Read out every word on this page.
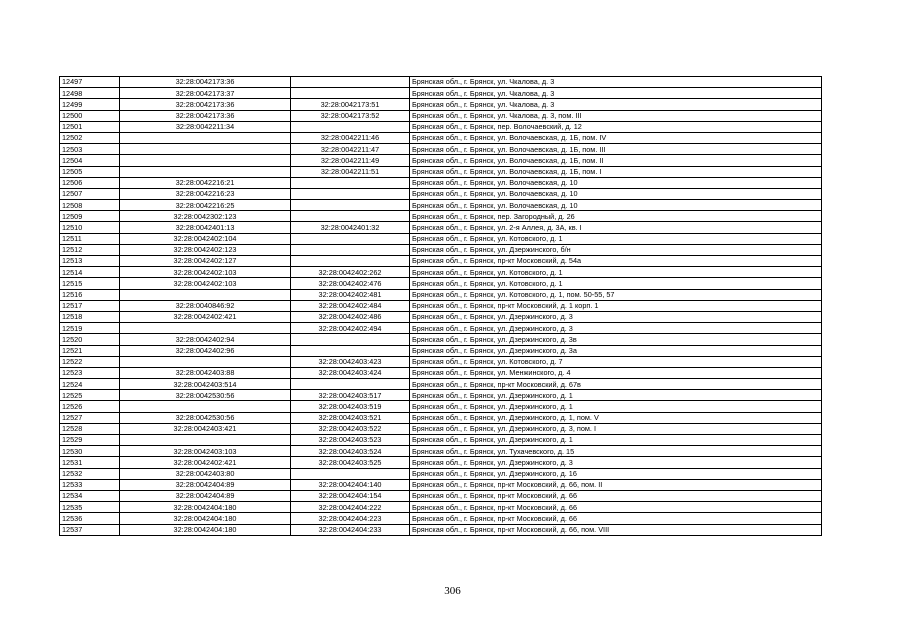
12497	32:28:0042173:36		Брянская обл., г. Брянск, ул. Чкалова, д. 3
12498	32:28:0042173:37		Брянская обл., г. Брянск, ул. Чкалова, д. 3
12499	32:28:0042173:36	32:28:0042173:51	Брянская обл., г. Брянск, ул. Чкалова, д. 3
12500	32:28:0042173:36	32:28:0042173:52	Брянская обл., г. Брянск, ул. Чкалова, д. 3, пом. III
12501	32:28:0042211:34		Брянская обл., г. Брянск, пер. Волочаевский, д. 12
12502		32:28:0042211:46	Брянская обл., г. Брянск, ул. Волочаевская, д. 1Б, пом. IV
12503		32:28:0042211:47	Брянская обл., г. Брянск, ул. Волочаевская, д. 1Б, пом. III
12504		32:28:0042211:49	Брянская обл., г. Брянск, ул. Волочаевская, д. 1Б, пом. II
12505		32:28:0042211:51	Брянская обл., г. Брянск, ул. Волочаевская, д. 1Б, пом. I
12506	32:28:0042216:21		Брянская обл., г. Брянск, ул. Волочаевская, д. 10
12507	32:28:0042216:23		Брянская обл., г. Брянск, ул. Волочаевская, д. 10
12508	32:28:0042216:25		Брянская обл., г. Брянск, ул. Волочаевская, д. 10
12509	32:28:0042302:123		Брянская обл., г. Брянск, пер. Загородный, д. 26
12510	32:28:0042401:13	32:28:0042401:32	Брянская обл., г. Брянск, ул. 2-я Аллея, д. 3А, кв. I
12511	32:28:0042402:104		Брянская обл., г. Брянск, ул. Котовского, д. 1
12512	32:28:0042402:123		Брянская обл., г. Брянск, ул. Дзержинского, б/н
12513	32:28:0042402:127		Брянская обл., г. Брянск, пр-кт Московский, д. 54а
12514	32:28:0042402:103	32:28:0042402:262	Брянская обл., г. Брянск, ул. Котовского, д. 1
12515	32:28:0042402:103	32:28:0042402:476	Брянская обл., г. Брянск, ул. Котовского, д. 1
12516		32:28:0042402:481	Брянская обл., г. Брянск, ул. Котовского, д. 1, пом. 50-55, 57
12517	32:28:0040846:92	32:28:0042402:484	Брянская обл., г. Брянск, пр-кт Московский, д. 1 корп. 1
12518	32:28:0042402:421	32:28:0042402:486	Брянская обл., г. Брянск, ул. Дзержинского, д. 3
12519		32:28:0042402:494	Брянская обл., г. Брянск, ул. Дзержинского, д. 3
12520	32:28:0042402:94		Брянская обл., г. Брянск, ул. Дзержинского, д. 3в
12521	32:28:0042402:96		Брянская обл., г. Брянск, ул. Дзержинского, д. 3а
12522		32:28:0042403:423	Брянская обл., г. Брянск, ул. Котовского, д. 7
12523	32:28:0042403:88	32:28:0042403:424	Брянская обл., г. Брянск, ул. Менжинского, д. 4
12524	32:28:0042403:514		Брянская обл., г. Брянск, пр-кт Московский, д. 67в
12525	32:28:0042530:56	32:28:0042403:517	Брянская обл., г. Брянск, ул. Дзержинского, д. 1
12526		32:28:0042403:519	Брянская обл., г. Брянск, ул. Дзержинского, д. 1
12527	32:28:0042530:56	32:28:0042403:521	Брянская обл., г. Брянск, ул. Дзержинского, д. 1, пом. V
12528	32:28:0042403:421	32:28:0042403:522	Брянская обл., г. Брянск, ул. Дзержинского, д. 3, пом. I
12529		32:28:0042403:523	Брянская обл., г. Брянск, ул. Дзержинского, д. 1
12530	32:28:0042403:103	32:28:0042403:524	Брянская обл., г. Брянск, ул. Тухачевского, д. 15
12531	32:28:0042402:421	32:28:0042403:525	Брянская обл., г. Брянск, ул. Дзержинского, д. 3
12532	32:28:0042403:80		Брянская обл., г. Брянск, ул. Дзержинского, д. 16
12533	32:28:0042404:89	32:28:0042404:140	Брянская обл., г. Брянск, пр-кт Московский, д. 66, пом. II
12534	32:28:0042404:89	32:28:0042404:154	Брянская обл., г. Брянск, пр-кт Московский, д. 66
12535	32:28:0042404:180	32:28:0042404:222	Брянская обл., г. Брянск, пр-кт Московский, д. 66
12536	32:28:0042404:180	32:28:0042404:223	Брянская обл., г. Брянск, пр-кт Московский, д. 66
12537	32:28:0042404:180	32:28:0042404:233	Брянская обл., г. Брянск, пр-кт Московский, д. 66, пом. VIII
306
